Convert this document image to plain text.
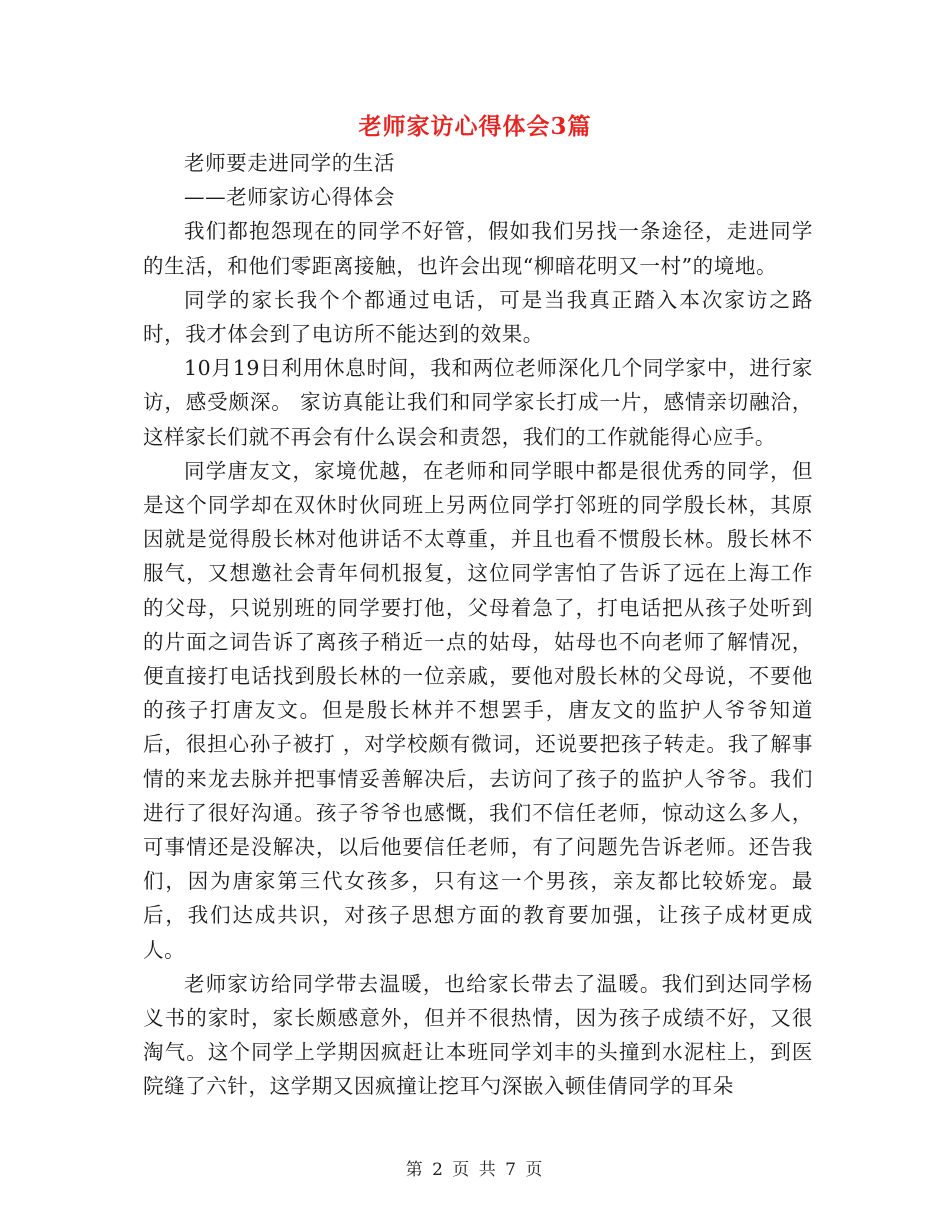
老师家访心得体会3篇

老师要走进同学的生活

——老师家访心得体会

我们都抱怨现在的同学不好管，假如我们另找一条途径，走进同学的生活，和他们零距离接触，也许会出现“柳暗花明又一村”的境地。

同学的家长我个个都通过电话，可是当我真正踏入本次家访之路时，我才体会到了电访所不能达到的效果。

10月19日利用休息时间，我和两位老师深化几个同学家中，进行家访，感受颇深。 家访真能让我们和同学家长打成一片，感情亲切融洽，这样家长们就不再会有什么误会和责怨，我们的工作就能得心应手。

同学唐友文，家境优越，在老师和同学眼中都是很优秀的同学，但是这个同学却在双休时伙同班上另两位同学打邻班的同学殷长林，其原因就是觉得殷长林对他讲话不太尊重，并且也看不惯殷长林。殷长林不服气，又想邀社会青年伺机报复，这位同学害怕了告诉了远在上海工作的父母，只说别班的同学要打他，父母着急了，打电话把从孩子处听到的片面之词告诉了离孩子稍近一点的姑母，姑母也不向老师了解情况，便直接打电话找到殷长林的一位亲戚，要他对殷长林的父母说，不要他的孩子打唐友文。但是殷长林并不想罢手，唐友文的监护人爷爷知道后，很担心孙子被打 ，对学校颇有微词，还说要把孩子转走。我了解事情的来龙去脉并把事情妥善解决后，去访问了孩子的监护人爷爷。我们进行了很好沟通。孩子爷爷也感慨，我们不信任老师，惊动这么多人，可事情还是没解决，以后他要信任老师，有了问题先告诉老师。还告我们，因为唐家第三代女孩多，只有这一个男孩，亲友都比较娇宠。最后，我们达成共识，对孩子思想方面的教育要加强，让孩子成材更成人。

老师家访给同学带去温暖，也给家长带去了温暖。我们到达同学杨义书的家时，家长颇感意外，但并不很热情，因为孩子成绩不好，又很淘气。这个同学上学期因疯赶让本班同学刘丰的头撞到水泥柱上，到医院缝了六针，这学期又因疯撞让挖耳勺深嵌入顿佳倩同学的耳朵

第 2 页 共 7 页
